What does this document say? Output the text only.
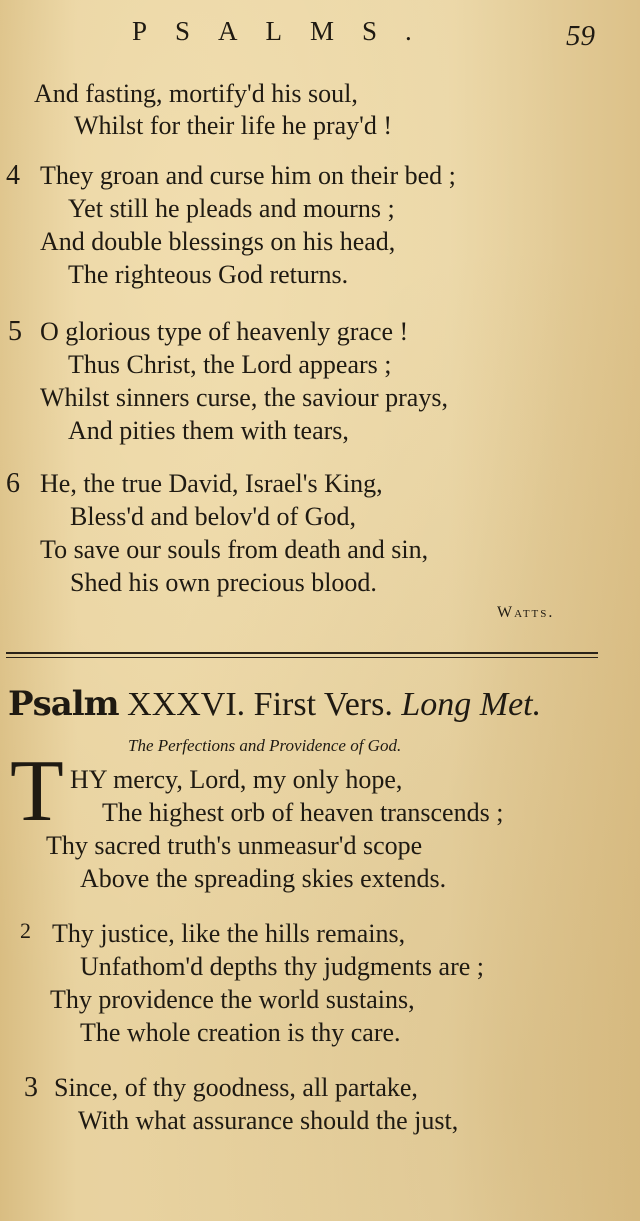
PSALMS.	59
And fasting, mortify'd his soul,
Whilst for their life he pray'd !
4 They groan and curse him on their bed ;
Yet still he pleads and mourns ;
And double blessings on his head,
The righteous God returns.
5 O glorious type of heavenly grace !
Thus Christ, the Lord appears ;
Whilst sinners curse, the saviour prays,
And pities them with tears,
6 He, the true David, Israel's King,
Bless'd and belov'd of God,
To save our souls from death and sin,
Shed his own precious blood.
Watts.
Psalm XXXVI. First Vers. Long Met.
The Perfections and Providence of God.
T HY mercy, Lord, my only hope,
The highest orb of heaven transcends ;
Thy sacred truth's unmeasur'd scope
Above the spreading skies extends.
2 Thy justice, like the hills remains,
Unfathom'd depths thy judgments are ;
Thy providence the world sustains,
The whole creation is thy care.
3 Since, of thy goodness, all partake,
With what assurance should the just,
